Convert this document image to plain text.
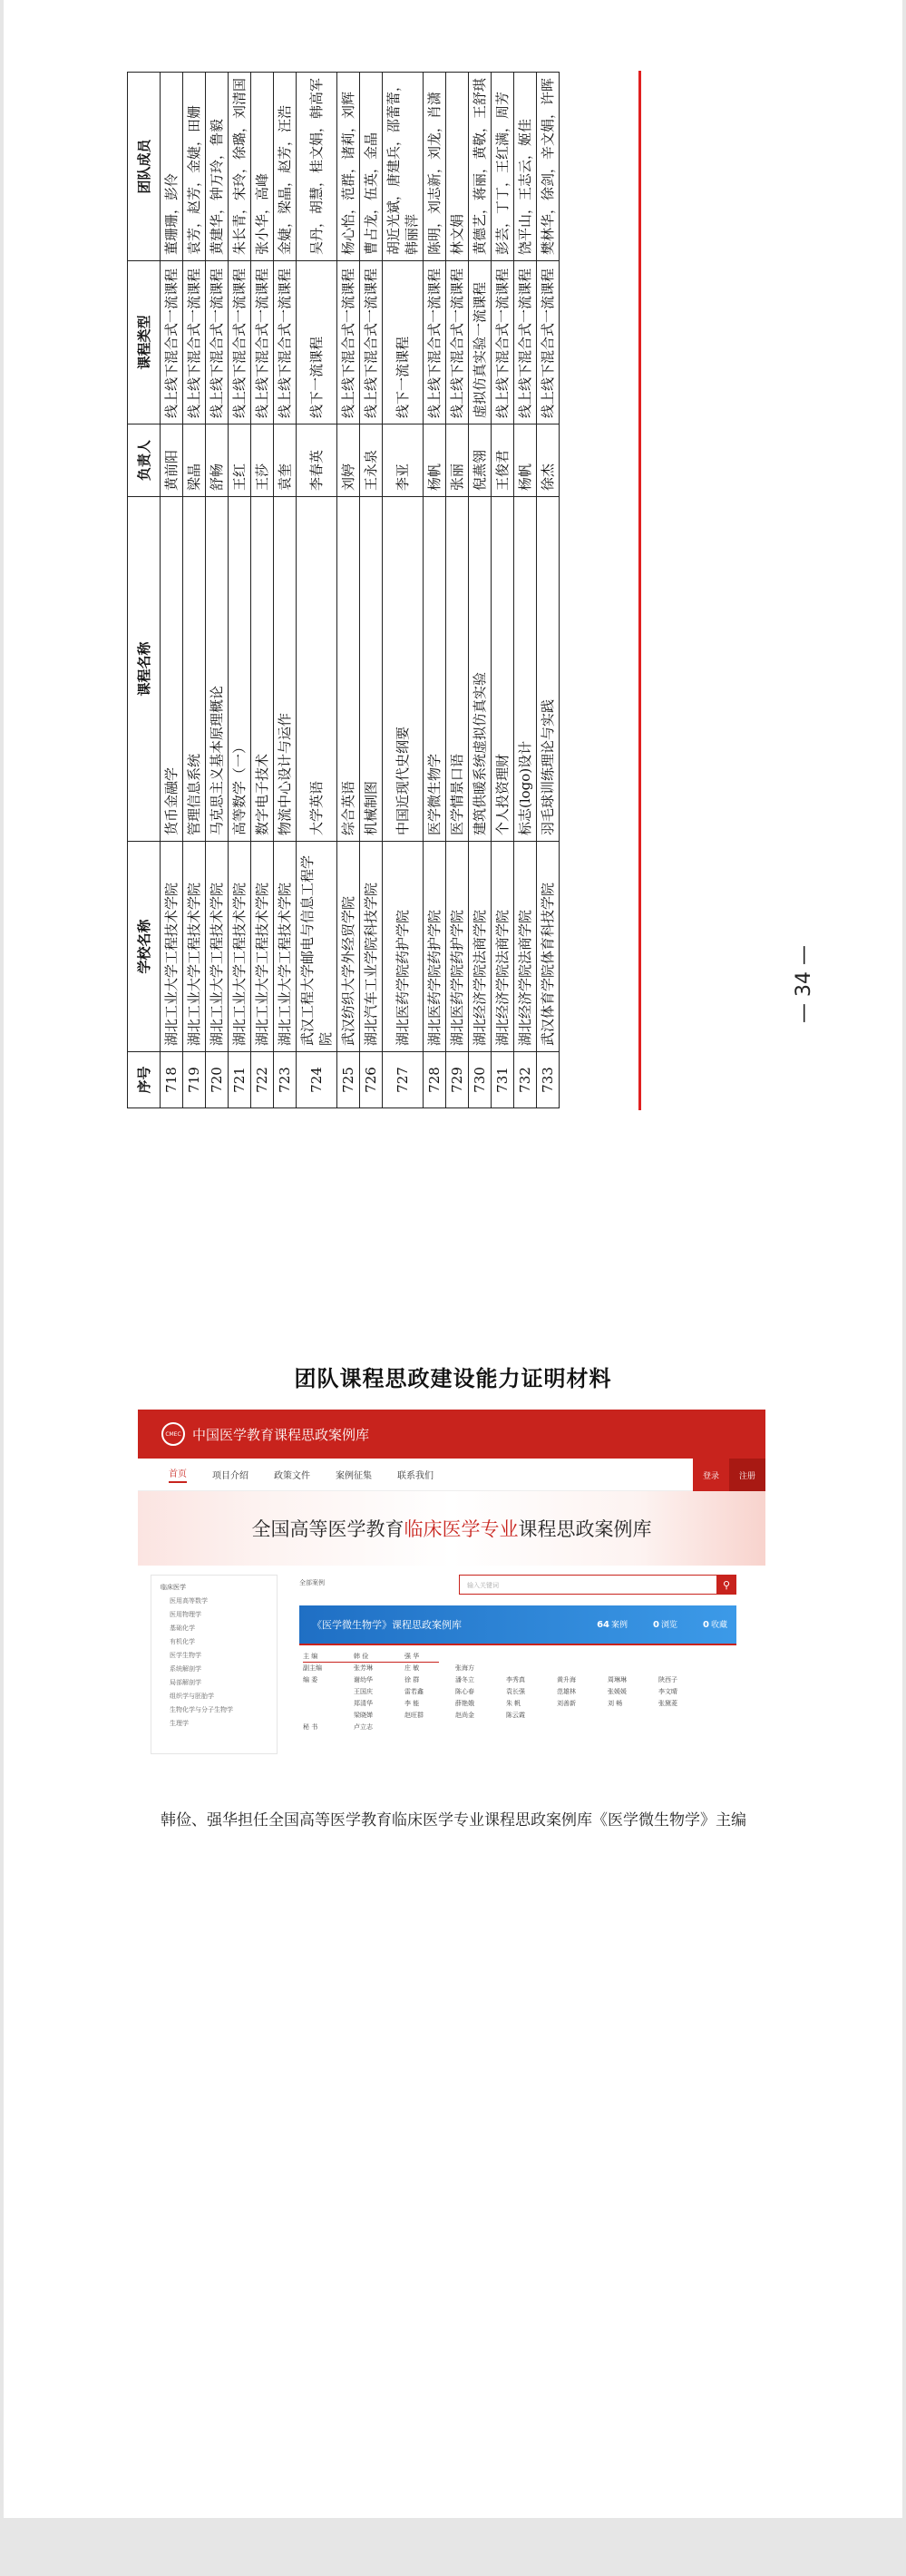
序号	学校名称	课程名称	负责人	课程类型	团队成员
718	湖北工业大学工程技术学院	货币金融学	黄前阳	线上线下混合式一流课程	董珊珊，彭伶
719	湖北工业大学工程技术学院	管理信息系统	梁晶	线上线下混合式一流课程	袁芳，赵芳，金婕，田姗
720	湖北工业大学工程技术学院	马克思主义基本原理概论	舒畅	线上线下混合式一流课程	黄建华，钟万玲，鲁毅
721	湖北工业大学工程技术学院	高等数学（一）	王红	线上线下混合式一流课程	朱长青，宋玲，徐璐，刘清国
722	湖北工业大学工程技术学院	数字电子技术	王莎	线上线下混合式一流课程	张小华，高峰
723	湖北工业大学工程技术学院	物流中心设计与运作	袁奎	线上线下混合式一流课程	金婕，梁晶，赵芳，汪浩
724	武汉工程大学邮电与信息工程学院	大学英语	李春英	线下一流课程	吴丹，胡慧，桂文娟，韩高军
725	武汉纺织大学外经贸学院	综合英语	刘婷	线上线下混合式一流课程	杨心怡，范群，诸莉，刘辉
726	湖北汽车工业学院科技学院	机械制图	王永泉	线上线下混合式一流课程	曹占龙，伍英，金晶
727	湖北医药学院药护学院	中国近现代史纲要	李亚	线下一流课程	胡近光斌，唐建兵，邵蕾蕾，韩丽萍
728	湖北医药学院药护学院	医学微生物学	杨帆	线上线下混合式一流课程	陈明，刘志新，刘龙，肖潇
729	湖北医药学院药护学院	医学情景口语	张丽	线上线下混合式一流课程	林文娟
730	湖北经济学院法商学院	建筑供暖系统虚拟仿真实验	倪燕翎	虚拟仿真实验一流课程	黄德艺，蒋丽，黄敬，王舒琪
731	湖北经济学院法商学院	个人投资理财	王俊君	线上线下混合式一流课程	彭芸，丁丁，王红满，周芳
732	湖北经济学院法商学院	标志(logo)设计	杨帆	线上线下混合式一流课程	饶平山，王志云，姬佳
733	武汉体育学院体育科技学院	羽毛球训练理论与实践	徐杰	线上线下混合式一流课程	樊林华，徐剑，辛文娟，许晖
— 34 —
团队课程思政建设能力证明材料
CMEC 中国医学教育课程思政案例库
首页	项目介绍	政策文件	案例征集	联系我们	登录	注册
全国高等医学教育 临床医学专业 课程思政案例库
临床医学
医用高等数学
医用物理学
基础化学
有机化学
医学生物学
系统解剖学
局部解剖学
组织学与胚胎学
生物化学与分子生物学
生理学
全部案例	输入关键词	⚲
《医学微生物学》课程思政案例库	64 案例	0 浏览	0 收藏
主 编	韩 俭	强 华
副主编	张芳琳	庄 敏	张海方
编 委	谢幼华	徐 群	潘冬立	李秀真	黄升海	周琳琳	陕西子
王国庆	雷若鑫	陈心春	袁长强	范雄林	张媛媛	李文晴
郑清华	李 能	薛艳娥	朱 帆	刘善新	刘 畅	张黛菱
梁晓婵	赵旺群	赵尚金	陈云霞
秘 书	卢立志
韩俭、强华担任全国高等医学教育临床医学专业课程思政案例库《医学微生物学》主编
